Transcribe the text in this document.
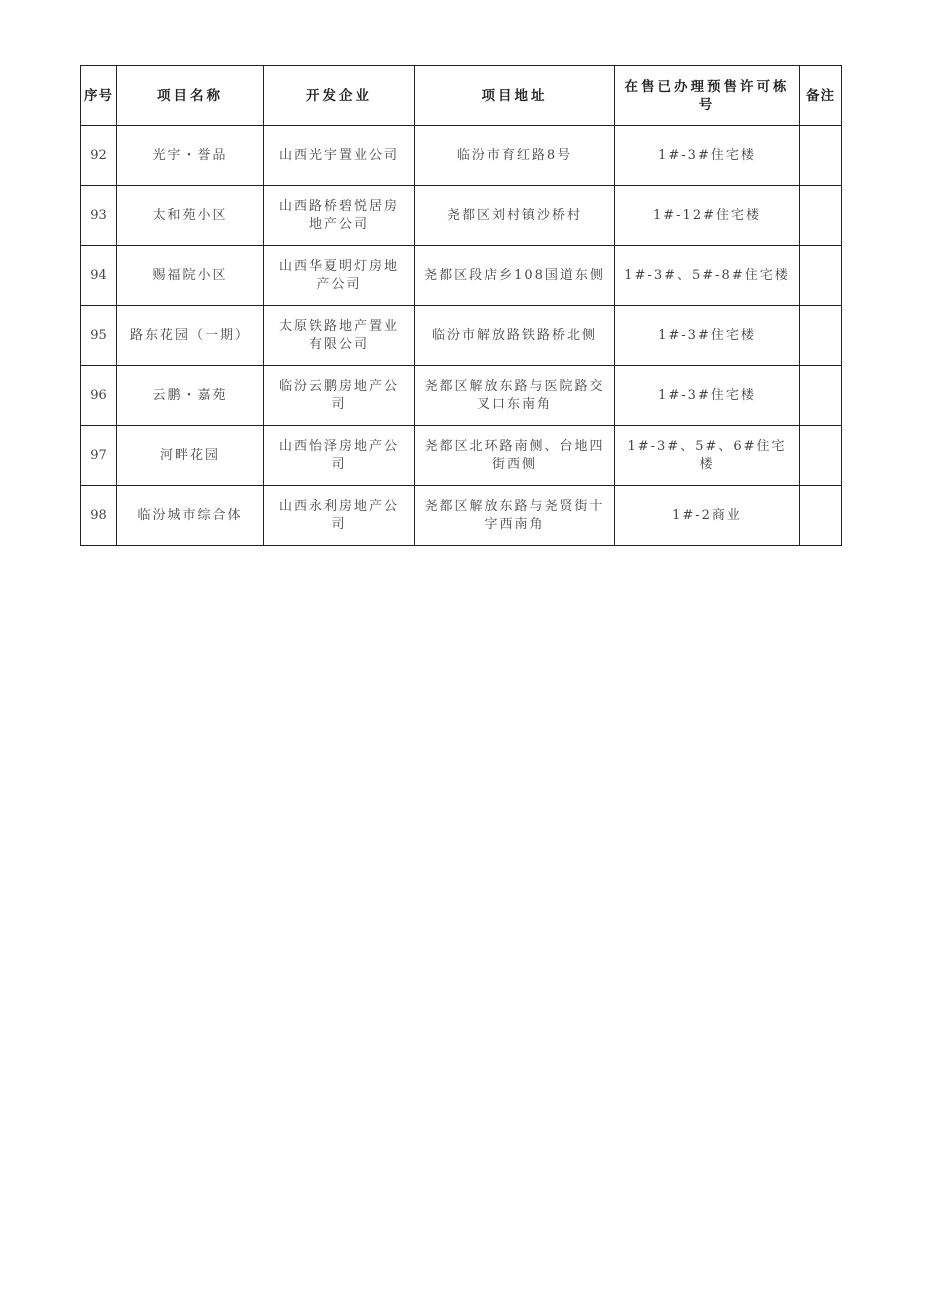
序号	项目名称	开发企业	项目地址	在售已办理预售许可栋号	备注
92	光宇・誉品	山西光宇置业公司	临汾市育红路8号	1#-3#住宅楼	
93	太和苑小区	山西路桥碧悦居房地产公司	尧都区刘村镇沙桥村	1#-12#住宅楼	
94	赐福院小区	山西华夏明灯房地产公司	尧都区段店乡108国道东侧	1#-3#、5#-8#住宅楼	
95	路东花园（一期）	太原铁路地产置业有限公司	临汾市解放路铁路桥北侧	1#-3#住宅楼	
96	云鹏・嘉苑	临汾云鹏房地产公司	尧都区解放东路与医院路交叉口东南角	1#-3#住宅楼	
97	河畔花园	山西怡泽房地产公司	尧都区北环路南侧、台地四街西侧	1#-3#、5#、6#住宅楼	
98	临汾城市综合体	山西永利房地产公司	尧都区解放东路与尧贤街十字西南角	1#-2商业	
